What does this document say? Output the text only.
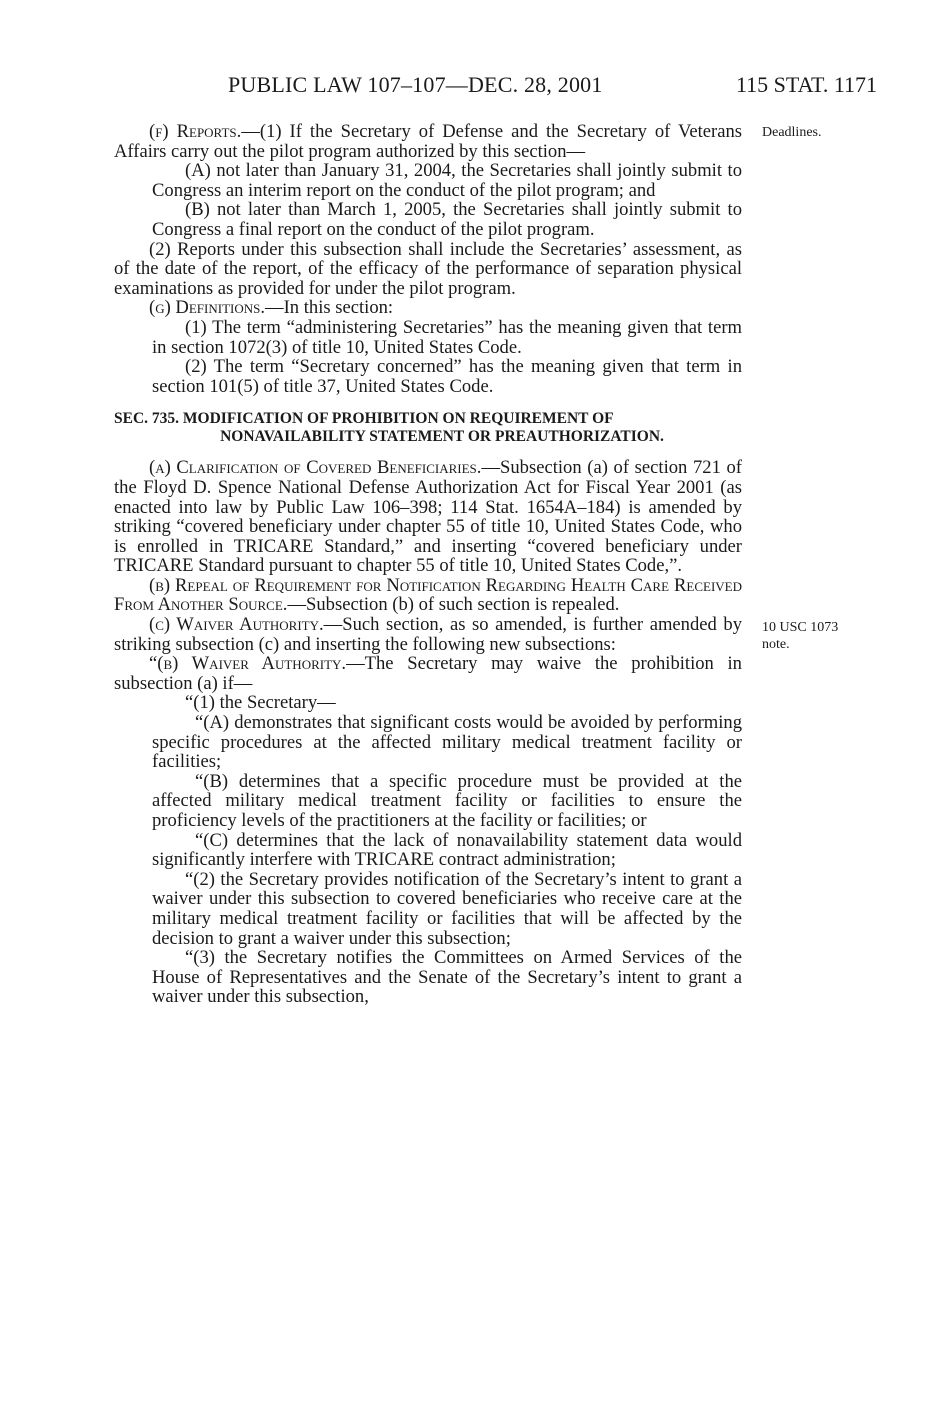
PUBLIC LAW 107–107—DEC. 28, 2001	115 STAT. 1171
Deadlines.
10 USC 1073
note.

(f) Reports.—(1) If the Secretary of Defense and the Secretary of Veterans Affairs carry out the pilot program authorized by this section—

(A) not later than January 31, 2004, the Secretaries shall jointly submit to Congress an interim report on the conduct of the pilot program; and

(B) not later than March 1, 2005, the Secretaries shall jointly submit to Congress a final report on the conduct of the pilot program.

(2) Reports under this subsection shall include the Secretaries’ assessment, as of the date of the report, of the efficacy of the performance of separation physical examinations as provided for under the pilot program.

(g) Definitions.—In this section:

(1) The term “administering Secretaries” has the meaning given that term in section 1072(3) of title 10, United States Code.

(2) The term “Secretary concerned” has the meaning given that term in section 101(5) of title 37, United States Code.

SEC. 735. MODIFICATION OF PROHIBITION ON REQUIREMENT OF
NONAVAILABILITY STATEMENT OR PREAUTHORIZATION.

(a) Clarification of Covered Beneficiaries.—Subsection (a) of section 721 of the Floyd D. Spence National Defense Authorization Act for Fiscal Year 2001 (as enacted into law by Public Law 106–398; 114 Stat. 1654A–184) is amended by striking “covered beneficiary under chapter 55 of title 10, United States Code, who is enrolled in TRICARE Standard,” and inserting “covered beneficiary under TRICARE Standard pursuant to chapter 55 of title 10, United States Code,”.

(b) Repeal of Requirement for Notification Regarding Health Care Received From Another Source.—Subsection (b) of such section is repealed.

(c) Waiver Authority.—Such section, as so amended, is further amended by striking subsection (c) and inserting the following new subsections:

“(b) Waiver Authority.—The Secretary may waive the prohibition in subsection (a) if—

“(1) the Secretary—

“(A) demonstrates that significant costs would be avoided by performing specific procedures at the affected military medical treatment facility or facilities;

“(B) determines that a specific procedure must be provided at the affected military medical treatment facility or facilities to ensure the proficiency levels of the practitioners at the facility or facilities; or

“(C) determines that the lack of nonavailability statement data would significantly interfere with TRICARE contract administration;

“(2) the Secretary provides notification of the Secretary’s intent to grant a waiver under this subsection to covered beneficiaries who receive care at the military medical treatment facility or facilities that will be affected by the decision to grant a waiver under this subsection;

“(3) the Secretary notifies the Committees on Armed Services of the House of Representatives and the Senate of the Secretary’s intent to grant a waiver under this subsection,
